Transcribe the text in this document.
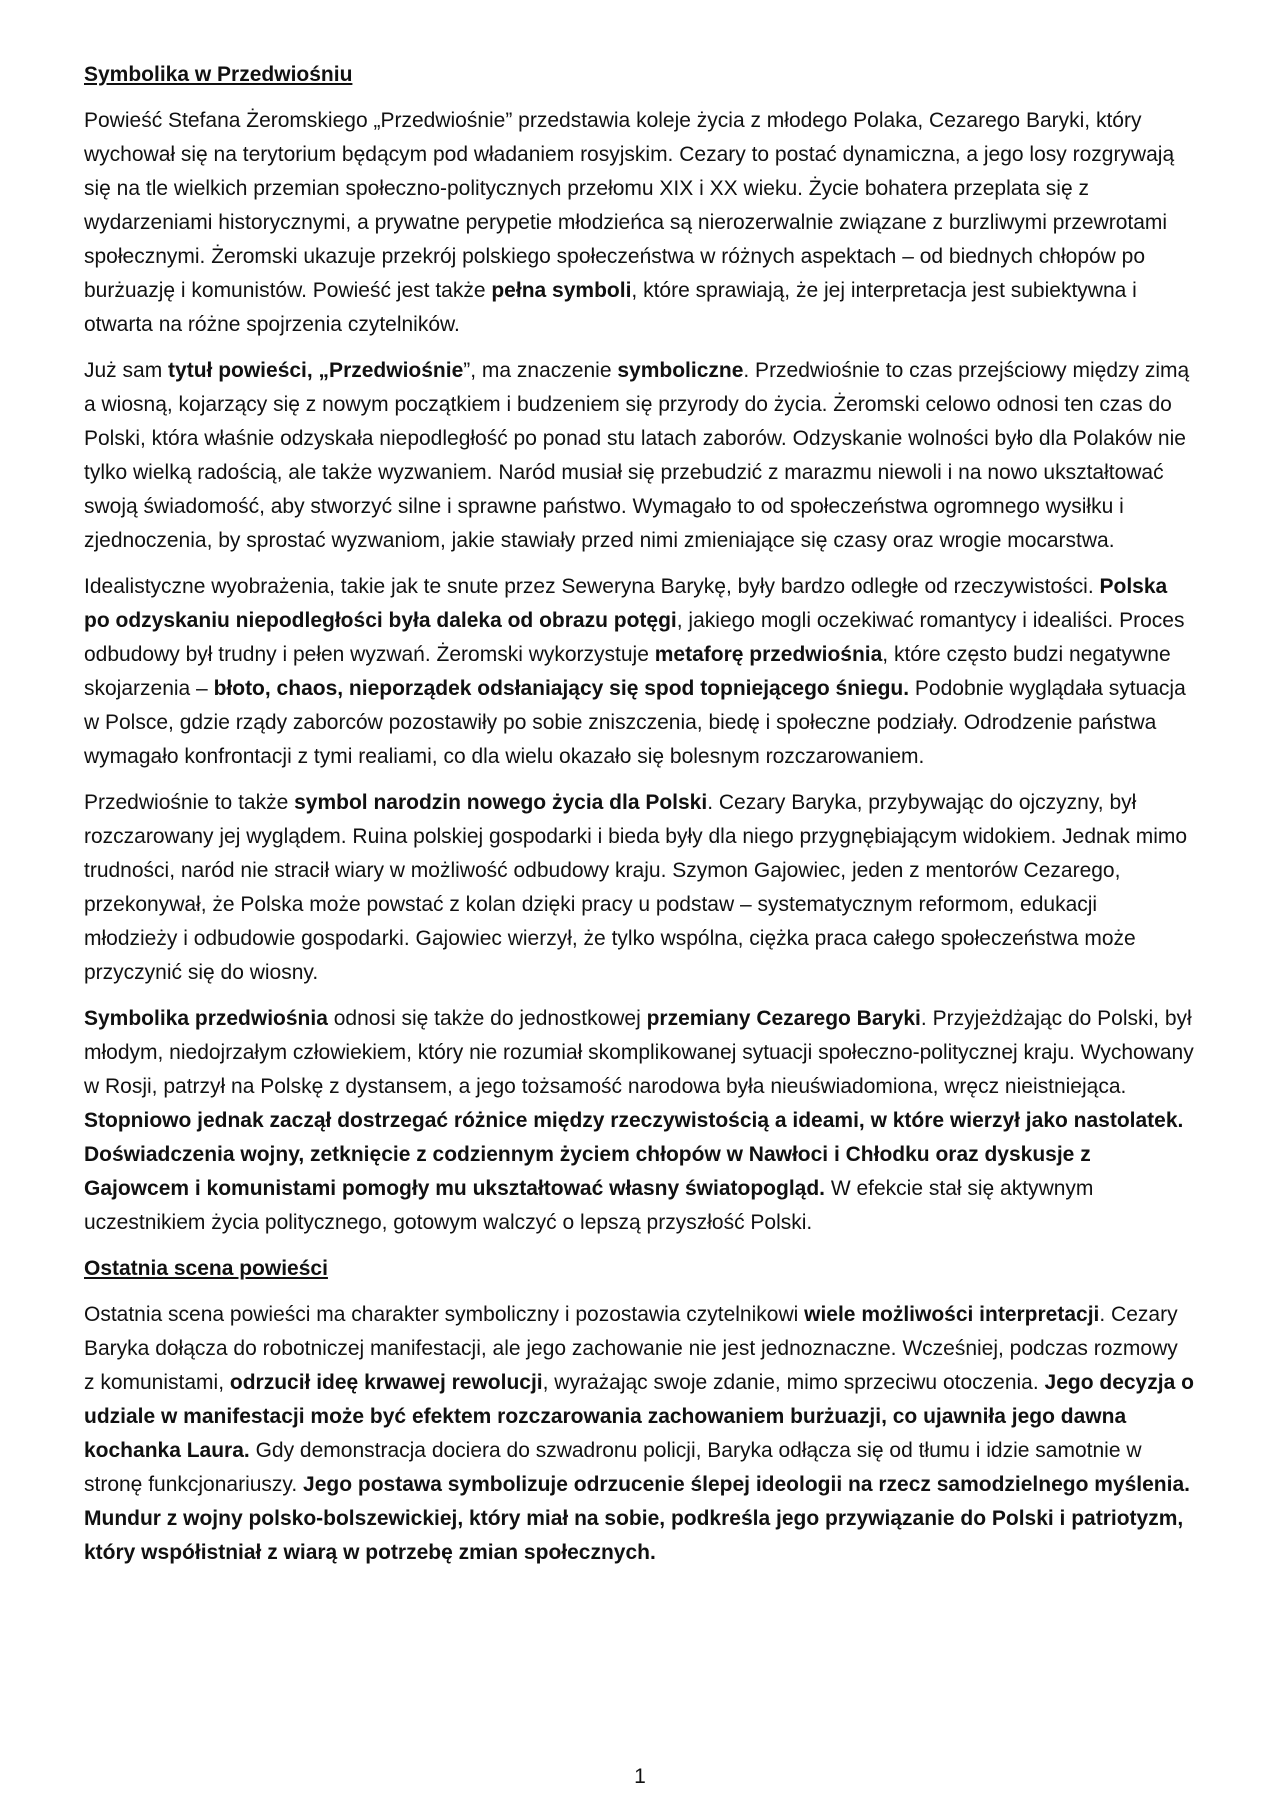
Symbolika w Przedwiośniu

Powieść Stefana Żeromskiego „Przedwiośnie” przedstawia koleje życia z młodego Polaka, Cezarego Baryki, który wychował się na terytorium będącym pod władaniem rosyjskim. Cezary to postać dynamiczna, a jego losy rozgrywają się na tle wielkich przemian społeczno-politycznych przełomu XIX i XX wieku. Życie bohatera przeplata się z wydarzeniami historycznymi, a prywatne perypetie młodzieńca są nierozerwalnie związane z burzliwymi przewrotami społecznymi. Żeromski ukazuje przekrój polskiego społeczeństwa w różnych aspektach – od biednych chłopów po burżuazję i komunistów. Powieść jest także pełna symboli, które sprawiają, że jej interpretacja jest subiektywna i otwarta na różne spojrzenia czytelników.

Już sam tytuł powieści, „Przedwiośnie”, ma znaczenie symboliczne. Przedwiośnie to czas przejściowy między zimą a wiosną, kojarzący się z nowym początkiem i budzeniem się przyrody do życia. Żeromski celowo odnosi ten czas do Polski, która właśnie odzyskała niepodległość po ponad stu latach zaborów. Odzyskanie wolności było dla Polaków nie tylko wielką radością, ale także wyzwaniem. Naród musiał się przebudzić z marazmu niewoli i na nowo ukształtować swoją świadomość, aby stworzyć silne i sprawne państwo. Wymagało to od społeczeństwa ogromnego wysiłku i zjednoczenia, by sprostać wyzwaniom, jakie stawiały przed nimi zmieniające się czasy oraz wrogie mocarstwa.

Idealistyczne wyobrażenia, takie jak te snute przez Seweryna Barykę, były bardzo odległe od rzeczywistości. Polska po odzyskaniu niepodległości była daleka od obrazu potęgi, jakiego mogli oczekiwać romantycy i idealiści. Proces odbudowy był trudny i pełen wyzwań. Żeromski wykorzystuje metaforę przedwiośnia, które często budzi negatywne skojarzenia – błoto, chaos, nieporządek odsłaniający się spod topniejącego śniegu. Podobnie wyglądała sytuacja w Polsce, gdzie rządy zaborców pozostawiły po sobie zniszczenia, biedę i społeczne podziały. Odrodzenie państwa wymagało konfrontacji z tymi realiami, co dla wielu okazało się bolesnym rozczarowaniem.

Przedwiośnie to także symbol narodzin nowego życia dla Polski. Cezary Baryka, przybywając do ojczyzny, był rozczarowany jej wyglądem. Ruina polskiej gospodarki i bieda były dla niego przygnębiającym widokiem. Jednak mimo trudności, naród nie stracił wiary w możliwość odbudowy kraju. Szymon Gajowiec, jeden z mentorów Cezarego, przekonywał, że Polska może powstać z kolan dzięki pracy u podstaw – systematycznym reformom, edukacji młodzieży i odbudowie gospodarki. Gajowiec wierzył, że tylko wspólna, ciężka praca całego społeczeństwa może przyczynić się do wiosny.

Symbolika przedwiośnia odnosi się także do jednostkowej przemiany Cezarego Baryki. Przyjeżdżając do Polski, był młodym, niedojrzałym człowiekiem, który nie rozumiał skomplikowanej sytuacji społeczno-politycznej kraju. Wychowany w Rosji, patrzył na Polskę z dystansem, a jego tożsamość narodowa była nieuświadomiona, wręcz nieistniejąca. Stopniowo jednak zaczął dostrzegać różnice między rzeczywistością a ideami, w które wierzył jako nastolatek. Doświadczenia wojny, zetknięcie z codziennym życiem chłopów w Nawłoci i Chłodku oraz dyskusje z Gajowcem i komunistami pomogły mu ukształtować własny światopogląd. W efekcie stał się aktywnym uczestnikiem życia politycznego, gotowym walczyć o lepszą przyszłość Polski.

Ostatnia scena powieści

Ostatnia scena powieści ma charakter symboliczny i pozostawia czytelnikowi wiele możliwości interpretacji. Cezary Baryka dołącza do robotniczej manifestacji, ale jego zachowanie nie jest jednoznaczne. Wcześniej, podczas rozmowy z komunistami, odrzucił ideę krwawej rewolucji, wyrażając swoje zdanie, mimo sprzeciwu otoczenia. Jego decyzja o udziale w manifestacji może być efektem rozczarowania zachowaniem burżuazji, co ujawniła jego dawna kochanka Laura. Gdy demonstracja dociera do szwadronu policji, Baryka odłącza się od tłumu i idzie samotnie w stronę funkcjonariuszy. Jego postawa symbolizuje odrzucenie ślepej ideologii na rzecz samodzielnego myślenia. Mundur z wojny polsko-bolszewickiej, który miał na sobie, podkreśla jego przywiązanie do Polski i patriotyzm, który współistniał z wiarą w potrzebę zmian społecznych.

1
